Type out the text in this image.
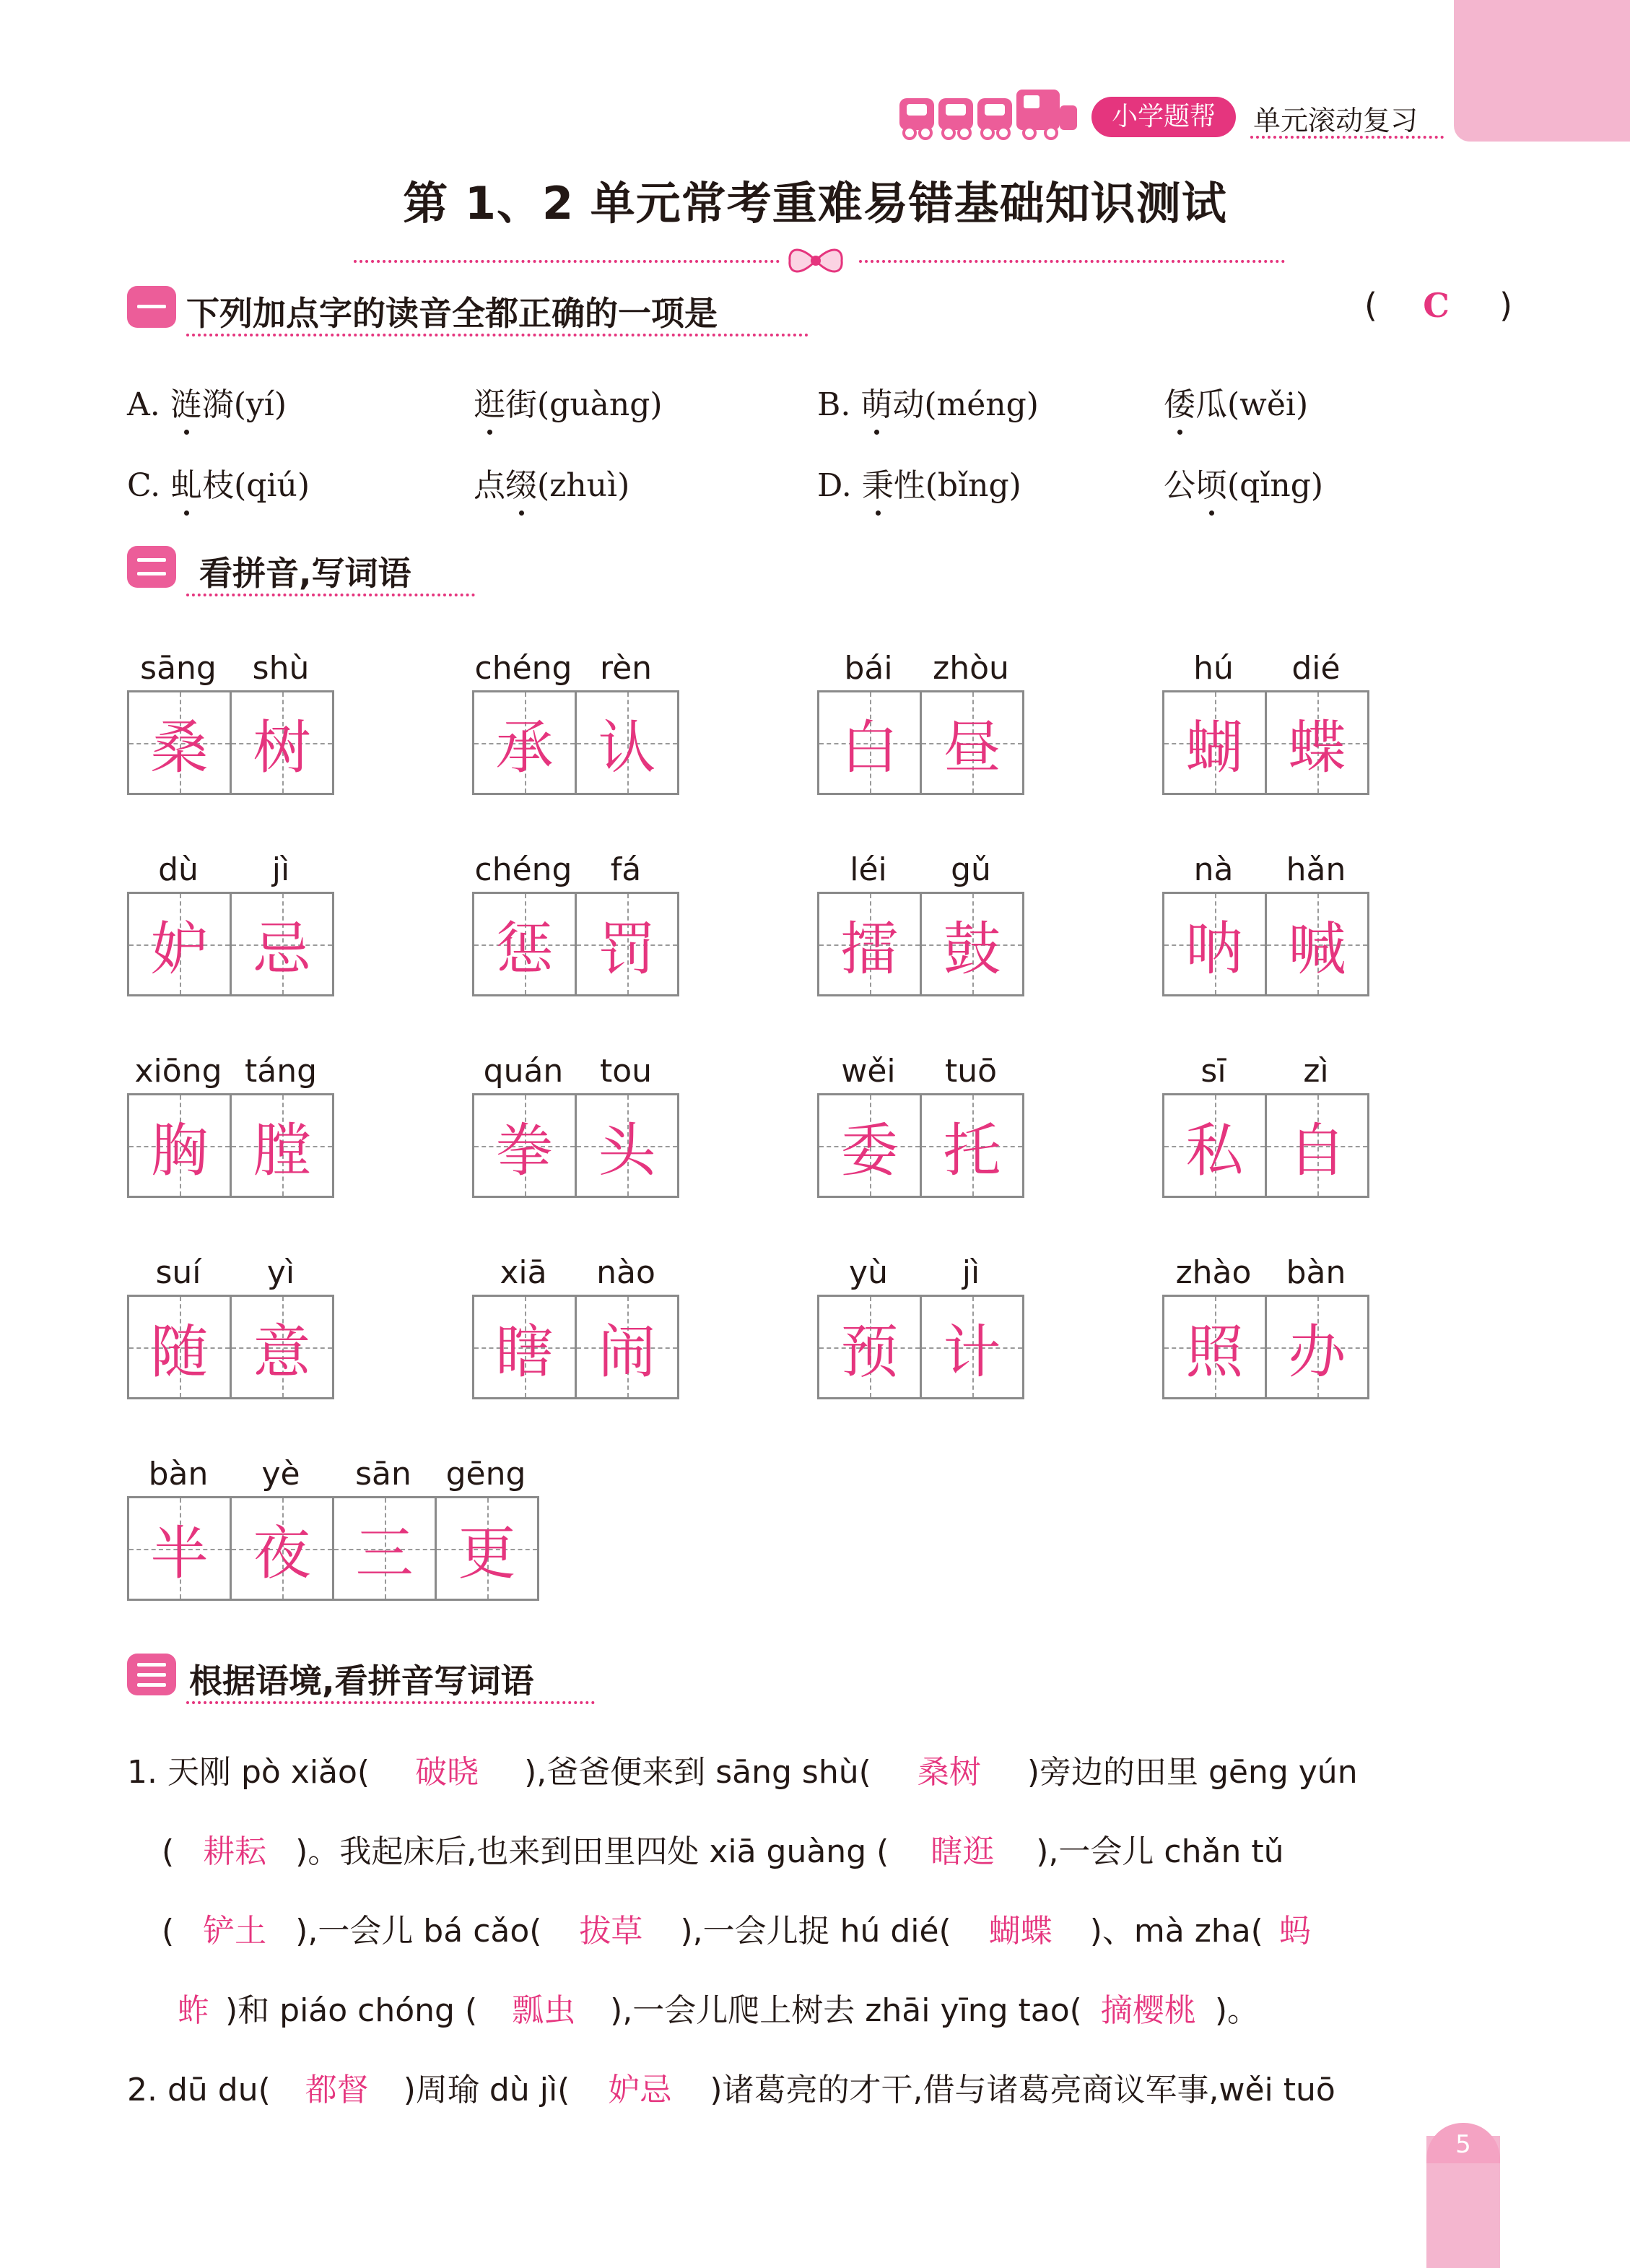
小学题帮	单元滚动复习
第 1、2 单元常考重难易错基础知识测试
下列加点字的读音全都正确的一项是	( C )
A. 涟漪(yí)	逛街(guàng)	B. 萌动(méng)	倭瓜(wěi)
C. 虬枝(qiú)	点缀(zhuì)	D. 秉性(bǐng)	公顷(qǐng)
看拼音,写词语
sāng	shù
桑 树
chéng rèn
承 认
bái	zhòu
白 昼
hú	dié
蝴 蝶
dù	jì
妒 忌
chéng	fá
惩 罚
léi	gǔ
擂 鼓
nà	hǎn
呐 喊
xiōng táng
胸 膛
quán	tou
拳 头
wěi	tuō
委 托
sī	zì
私 自
suí	yì
随 意
xiā	nào
瞎 闹
yù	jì
预 计
zhào	bàn
照 办
bàn	yè	sān	gēng
半 夜 三 更
根据语境,看拼音写词语
1. 天刚 pò xiǎo( 破晓 ),爸爸便来到 sāng shù( 桑树 )旁边的田里 gēng yún
( 耕耘 )。我起床后,也来到田里四处 xiā guàng ( 瞎逛 ),一会儿 chǎn tǔ
( 铲土 ),一会儿 bá cǎo( 拔草 ),一会儿捉 hú dié( 蝴蝶 )、mà zha( 蚂
蚱 )和 piáo chóng ( 瓢虫 ),一会儿爬上树去 zhāi yīng tao( 摘樱桃 )。
2. dū du( 都督 )周瑜 dù jì( 妒忌 )诸葛亮的才干,借与诸葛亮商议军事,wěi tuō
5
